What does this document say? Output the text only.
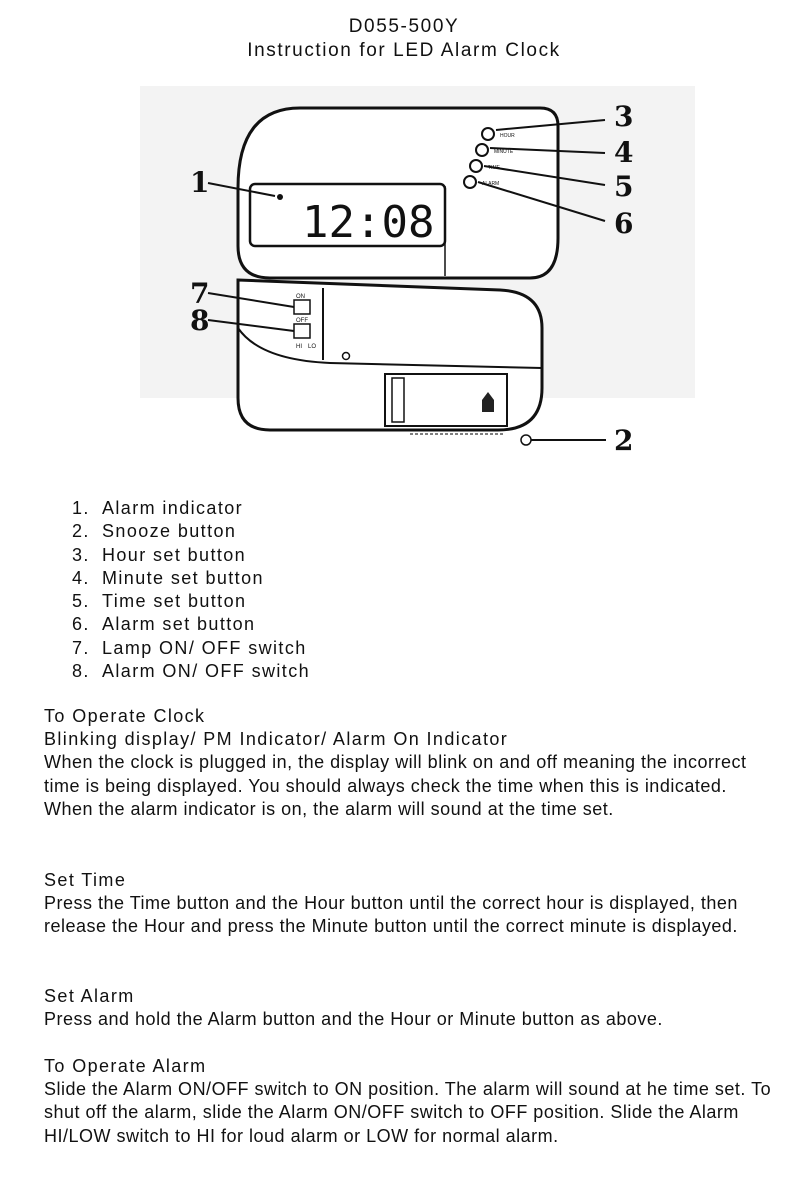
D055-500Y
Instruction for LED Alarm Clock
12:08
HOUR
MINUTE
TIME
ALARM
ON
OFF
HI LO
1
2
3
4
5
6
7
8
1. Alarm indicator
2. Snooze button
3. Hour set button
4. Minute set button
5. Time set button
6. Alarm set button
7. Lamp ON/ OFF switch
8. Alarm ON/ OFF switch

To Operate Clock

Blinking display/ PM Indicator/ Alarm On Indicator

When the clock is plugged in, the display will blink on and off meaning the incorrect time is being displayed. You should always check the time when this is indicated. When the alarm indicator is on, the alarm will sound at the time set.

Set Time

Press the Time button and the Hour button until the correct hour is displayed, then release the Hour and press the Minute button until the correct minute is displayed.

Set Alarm

Press and hold the Alarm button and the Hour or Minute button as above.

To Operate Alarm

Slide the Alarm ON/OFF switch to ON position. The alarm will sound at he time set. To shut off the alarm, slide the Alarm ON/OFF switch to OFF position. Slide the Alarm HI/LOW switch to HI for loud alarm or LOW for normal alarm.
